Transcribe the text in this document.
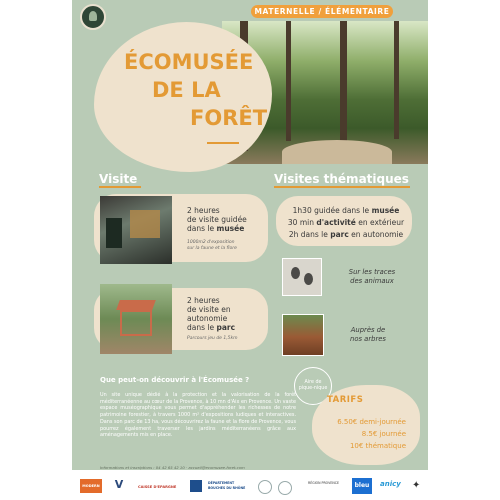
MATERNELLE / ÉLÉMENTAIRE
ÉCOMUSÉE
DE LA
FORÊT
Visite
2 heures
de visite guidée
dans le musée
1000m2 d'exposition
sur la faune et la flore
2 heures
de visite en
autonomie
dans le parc
Parcours jeu de 1,5km
Visites thématiques
1h30 guidée dans le musée
30 min d'activité en extérieur
2h dans le parc en autonomie
Sur les traces
des animaux
Auprès de
nos arbres
Que peut-on découvrir à l'Écomusée ?
Un site unique dédié à la protection et la valorisation de la forêt méditerranéenne au cœur de la Provence, à 10 mn d'Aix en Provence. Un vaste espace muséographique vous permet d'appréhender les richesses de notre patrimoine forestier, à travers 1000 m² d'expositions ludiques et interactives. Dans son parc de 13 ha, vous découvrirez la faune et la flore de Provence, vous pourrez également traverser les jardins méditerranéens grâce aux aménagements mis en place.
Aire de
pique-nique
TARIFS
6.50€ demi-journée
8.5€ journée
10€ thématique
Informations et inscriptions : 04 42 65 42 10 · accueil@ecomusee-foret.com
MODERN V	CAISSE D'EPARGNE
DÉPARTEMENT BOUCHES DU RHÔNE
RÉGION PROVENCE	bleu	anicy	✦
